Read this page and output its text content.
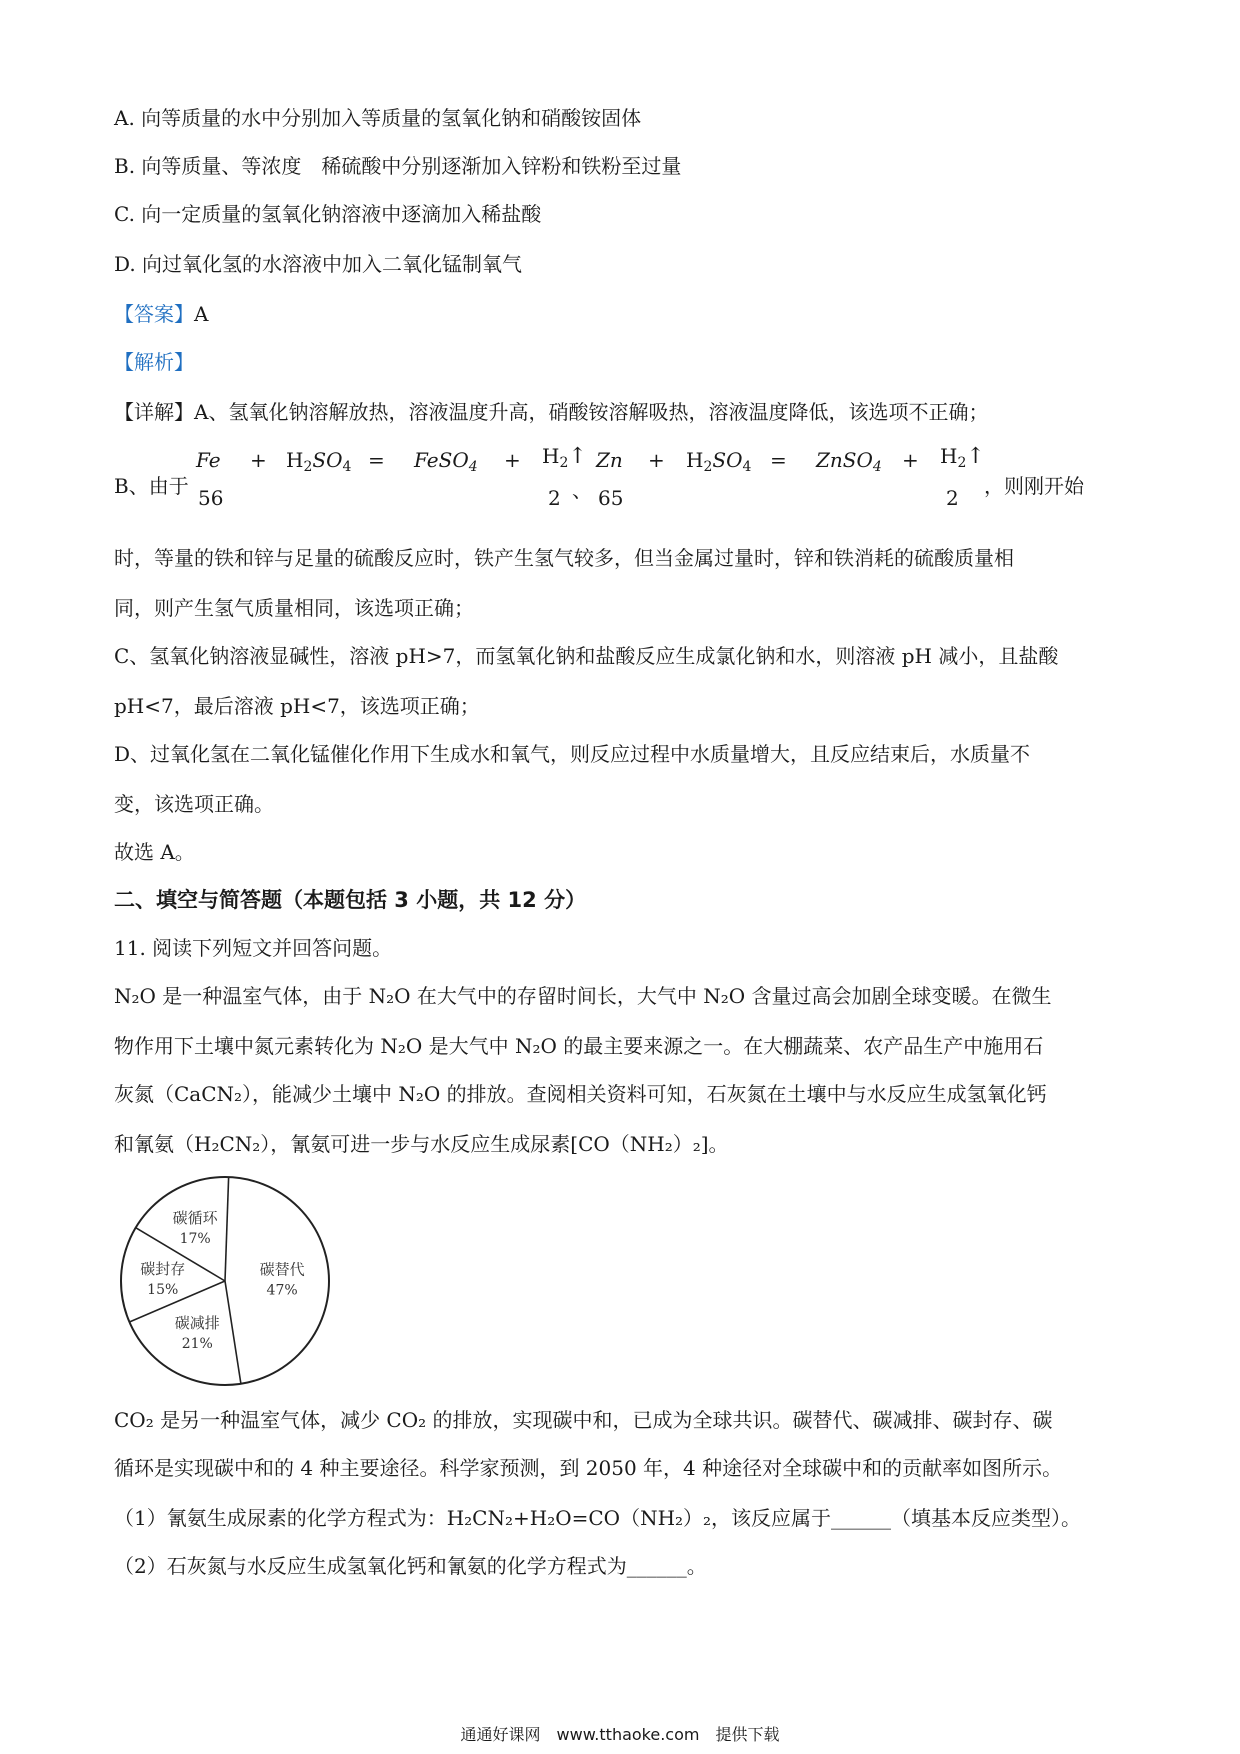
A. 向等质量的水中分别加入等质量的氢氧化钠和硝酸铵固体
B. 向等质量、等浓度　稀硫酸中分别逐渐加入锌粉和铁粉至过量
C. 向一定质量的氢氧化钠溶液中逐滴加入稀盐酸
D. 向过氧化氢的水溶液中加入二氧化锰制氧气
【答案】A
【解析】
【详解】A、氢氧化钠溶解放热，溶液温度升高，硝酸铵溶解吸热，溶液温度降低，该选项不正确；
B、由于
Fe
56
+ $H_2SO_4$ = FeSO$_4$ + $H_2↑$
2 、
Zn
65
+ $H_2SO_4$ = ZnSO$_4$ + $H_2↑$
2 ，则刚开始
时，等量的铁和锌与足量的硫酸反应时，铁产生氢气较多，但当金属过量时，锌和铁消耗的硫酸质量相
同，则产生氢气质量相同，该选项正确；
C、氢氧化钠溶液显碱性，溶液 pH>7，而氢氧化钠和盐酸反应生成氯化钠和水，则溶液 pH 减小，且盐酸
pH<7，最后溶液 pH<7，该选项正确；
D、过氧化氢在二氧化锰催化作用下生成水和氧气，则反应过程中水质量增大，且反应结束后，水质量不
变，该选项正确。
故选 A。
二、填空与简答题（本题包括 3 小题，共 12 分）
11. 阅读下列短文并回答问题。
N₂O 是一种温室气体，由于 N₂O 在大气中的存留时间长，大气中 N₂O 含量过高会加剧全球变暖。在微生
物作用下土壤中氮元素转化为 N₂O 是大气中 N₂O 的最主要来源之一。在大棚蔬菜、农产品生产中施用石
灰氮（CaCN₂），能减少土壤中 N₂O 的排放。查阅相关资料可知，石灰氮在土壤中与水反应生成氢氧化钙
和氰氨（H₂CN₂），氰氨可进一步与水反应生成尿素[CO（NH₂）₂]。
碳替代
47%
碳减排
21%
碳封存
15%
碳循环
17%
CO₂ 是另一种温室气体，减少 CO₂ 的排放，实现碳中和，已成为全球共识。碳替代、碳减排、碳封存、碳
循环是实现碳中和的 4 种主要途径。科学家预测，到 2050 年，4 种途径对全球碳中和的贡献率如图所示。
（1）氰氨生成尿素的化学方程式为：H₂CN₂+H₂O=CO（NH₂）₂，该反应属于______（填基本反应类型）。
（2）石灰氮与水反应生成氢氧化钙和氰氨的化学方程式为______。
通通好课网　www.tthaoke.com　提供下载
